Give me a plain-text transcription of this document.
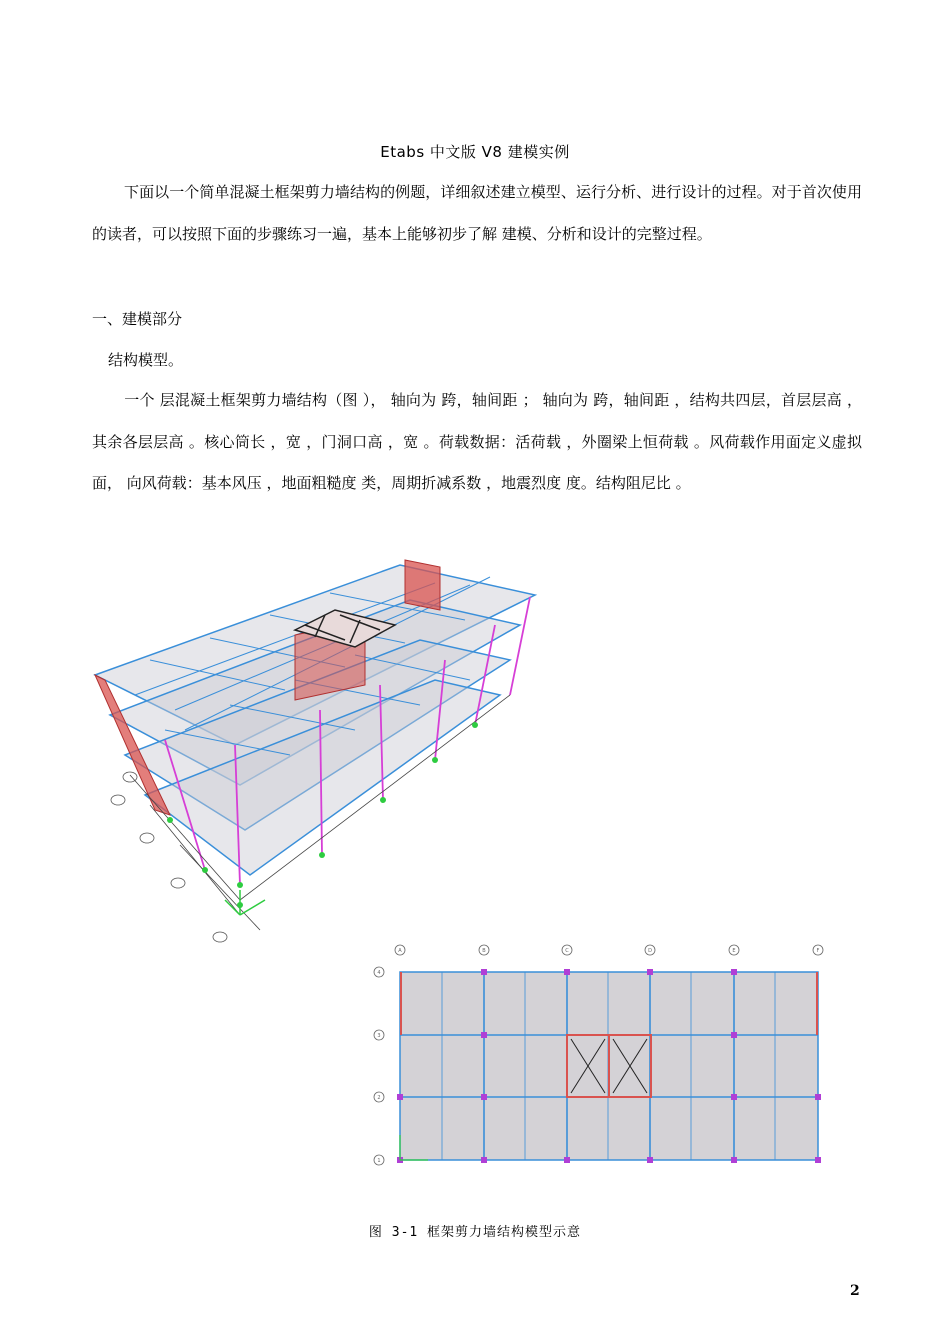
Etabs 中文版 V8 建模实例

下面以一个简单混凝土框架剪力墙结构的例题，详细叙述建立模型、运行分析、进行设计的过程。对于首次使用 的读者，可以按照下面的步骤练习一遍，基本上能够初步了解 建模、分析和设计的完整过程。

一、建模部分
结构模型。

一个 层混凝土框架剪力墙结构（图 ）， 轴向为 跨，轴间距 ； 轴向为 跨，轴间距 ，结构共四层，首层层高 ，其余各层层高 。核心筒长 ，宽 ，门洞口高 ，宽 。荷载数据：活荷载 ，外圈梁上恒荷载 。风荷载作用面定义虚拟面， 向风荷载：基本风压 ，地面粗糙度 类，周期折减系数 ，地震烈度 度。结构阻尼比 。

A	B	C	D	E	F
4
3
2
1
图 3-1 框架剪力墙结构模型示意
2
